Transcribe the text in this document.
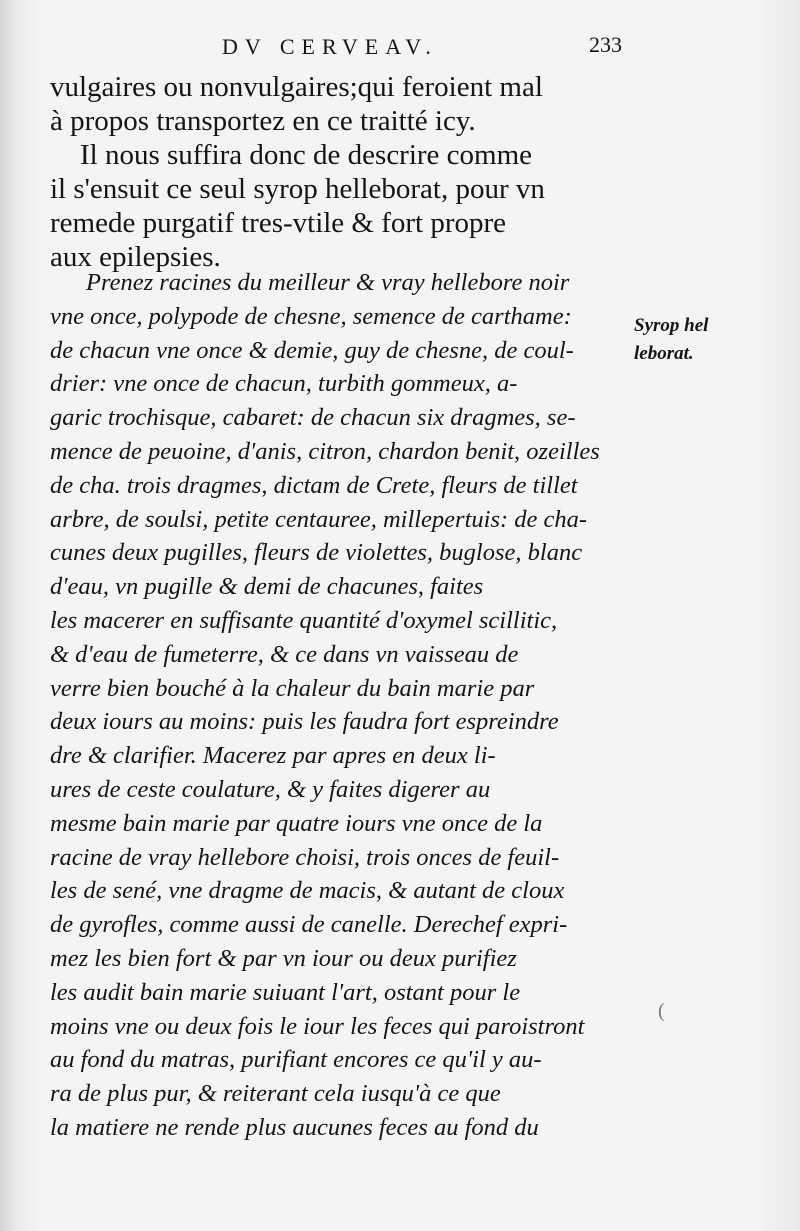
DV CERVEAV.	233
vulgaires ou nonvulgaires;qui feroient mal
à propos transportez en ce traitté icy.
Il nous suffira donc de descrire comme
il s'ensuit ce seul syrop helleborat, pour vn
remede purgatif tres-vtile & fort propre
aux epilepsies.
Prenez racines du meilleur & vray hellebore noir
vne once, polypode de chesne, semence de carthame:
de chacun vne once & demie, guy de chesne, de coul-
drier: vne once de chacun, turbith gommeux, a-
garic trochisque, cabaret: de chacun six dragmes, se-
mence de peuoine, d'anis, citron, chardon benit, ozeilles
de cha. trois dragmes, dictam de Crete, fleurs de tillet
arbre, de soulsi, petite centauree, millepertuis: de cha-
cunes deux pugilles, fleurs de violettes, buglose, blanc
d'eau, vn pugille & demi de chacunes, faites
les macerer en suffisante quantité d'oxymel scillitic,
& d'eau de fumeterre, & ce dans vn vaisseau de
verre bien bouché à la chaleur du bain marie par
deux iours au moins: puis les faudra fort espreindre
dre & clarifier. Macerez par apres en deux li-
ures de ceste coulature, & y faites digerer au
mesme bain marie par quatre iours vne once de la
racine de vray hellebore choisi, trois onces de feuil-
les de sené, vne dragme de macis, & autant de cloux
de gyrofles, comme aussi de canelle. Derechef expri-
mez les bien fort & par vn iour ou deux purifiez
les audit bain marie suiuant l'art, ostant pour le
moins vne ou deux fois le iour les feces qui paroistront
au fond du matras, purifiant encores ce qu'il y au-
ra de plus pur, & reiterant cela iusqu'à ce que
la matiere ne rende plus aucunes feces au fond du
Syrop hel
leborat.
(
